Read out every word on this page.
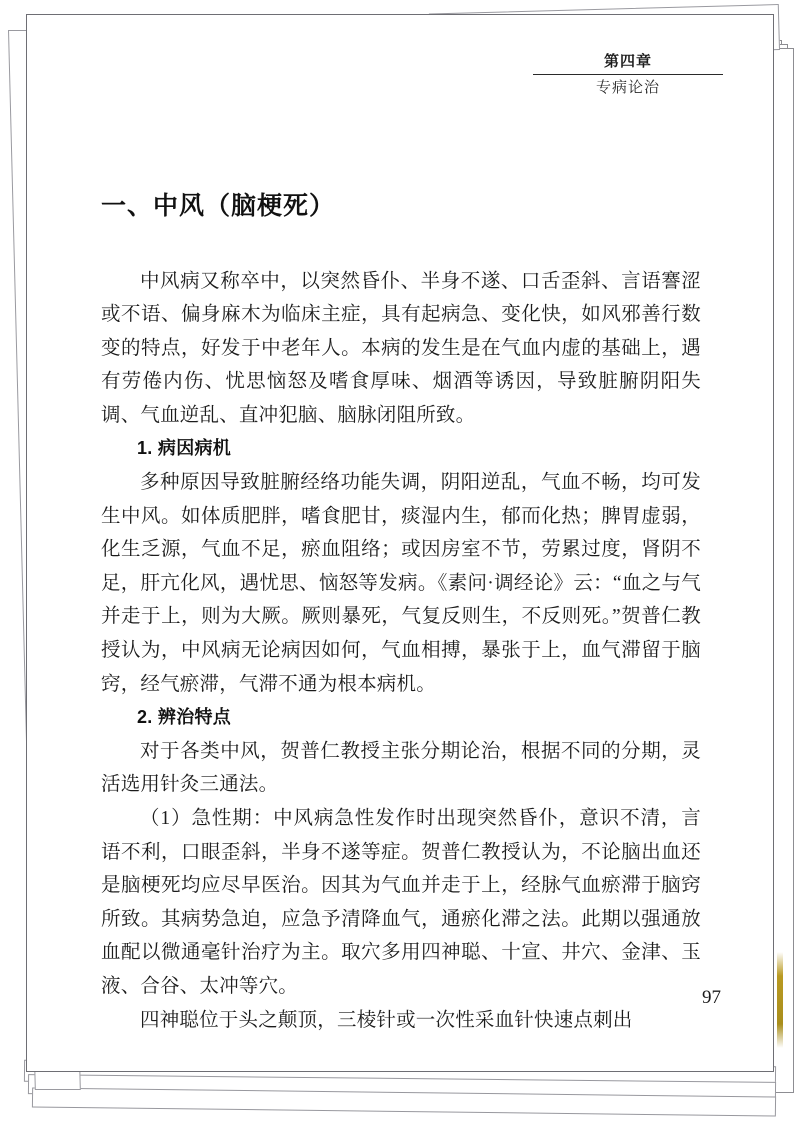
第四章
专病论治
一、中风（脑梗死）

中风病又称卒中，以突然昏仆、半身不遂、口舌歪斜、言语謇涩或不语、偏身麻木为临床主症，具有起病急、变化快，如风邪善行数变的特点，好发于中老年人。本病的发生是在气血内虚的基础上，遇有劳倦内伤、忧思恼怒及嗜食厚味、烟酒等诱因，导致脏腑阴阳失调、气血逆乱、直冲犯脑、脑脉闭阻所致。

1. 病因病机

多种原因导致脏腑经络功能失调，阴阳逆乱，气血不畅，均可发生中风。如体质肥胖，嗜食肥甘，痰湿内生，郁而化热；脾胃虚弱，化生乏源，气血不足，瘀血阻络；或因房室不节，劳累过度，肾阴不足，肝亢化风，遇忧思、恼怒等发病。《素问·调经论》云：“血之与气并走于上，则为大厥。厥则暴死，气复反则生，不反则死。”贺普仁教授认为，中风病无论病因如何，气血相搏，暴张于上，血气滞留于脑窍，经气瘀滞，气滞不通为根本病机。

2. 辨治特点

对于各类中风，贺普仁教授主张分期论治，根据不同的分期，灵活选用针灸三通法。

（1）急性期：中风病急性发作时出现突然昏仆，意识不清，言语不利，口眼歪斜，半身不遂等症。贺普仁教授认为，不论脑出血还是脑梗死均应尽早医治。因其为气血并走于上，经脉气血瘀滞于脑窍所致。其病势急迫，应急予清降血气，通瘀化滞之法。此期以强通放血配以微通毫针治疗为主。取穴多用四神聪、十宣、井穴、金津、玉液、合谷、太冲等穴。

四神聪位于头之颠顶，三棱针或一次性采血针快速点刺出

97
